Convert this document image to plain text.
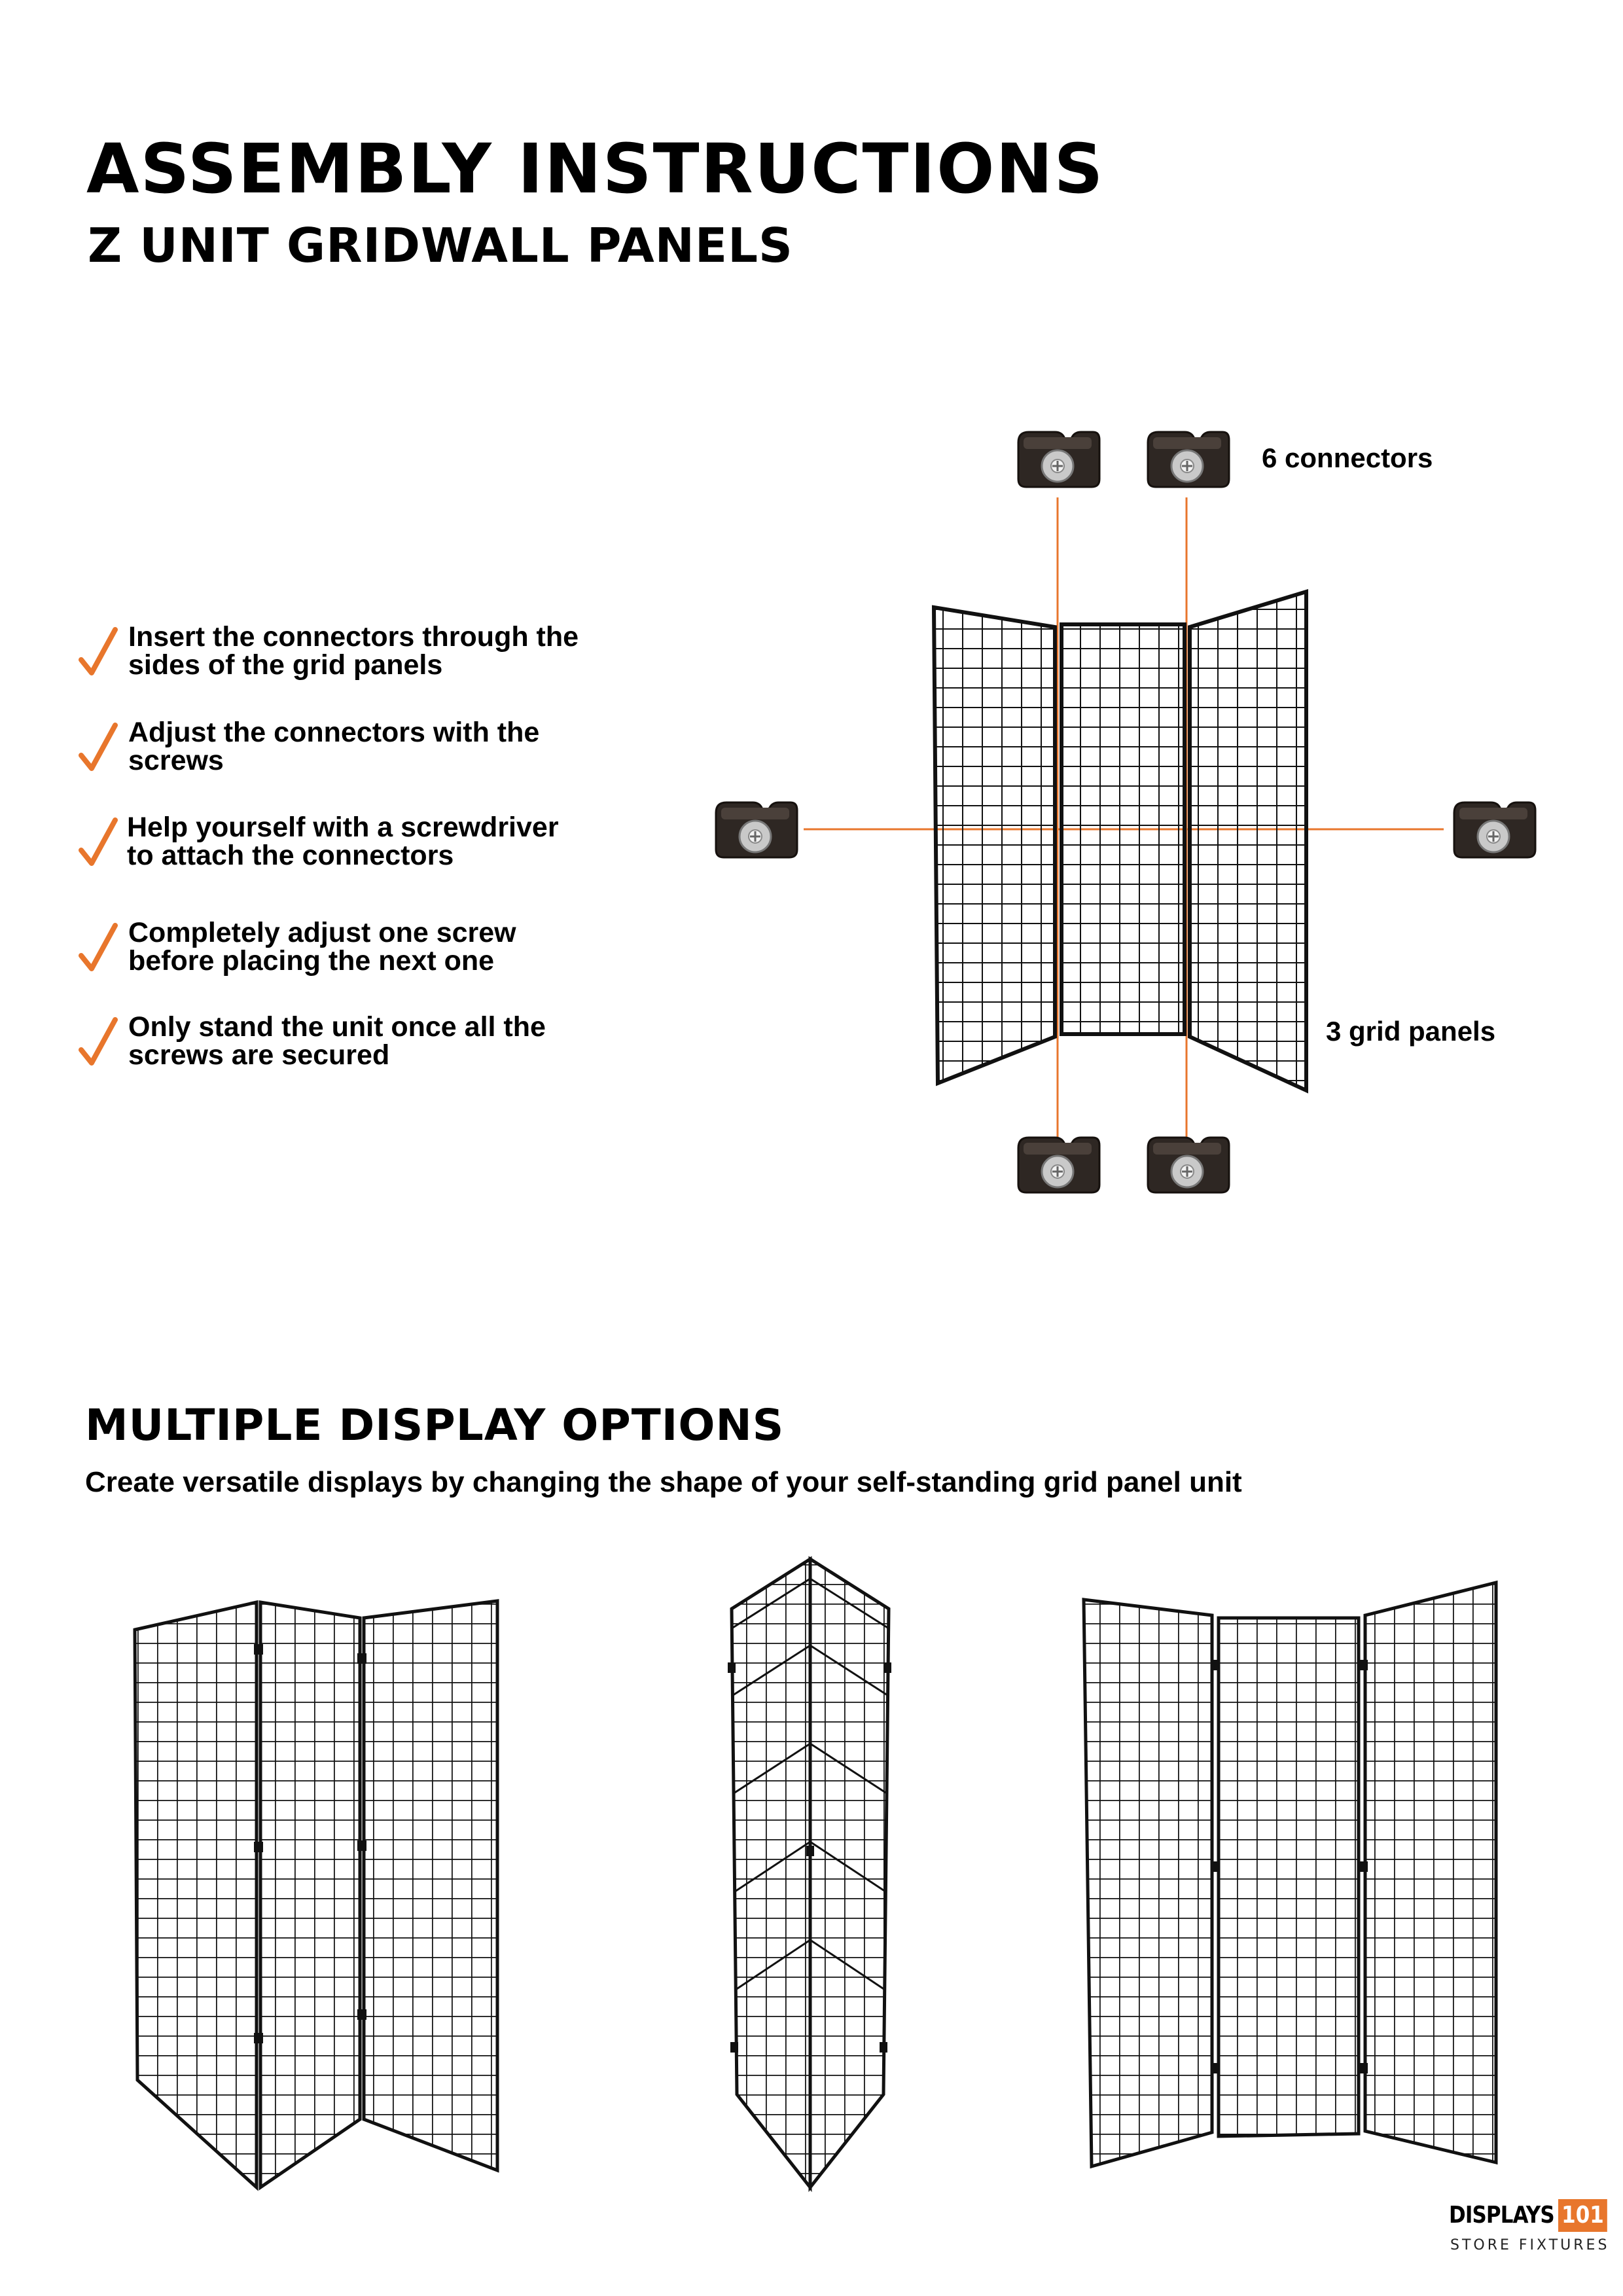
ASSEMBLY INSTRUCTIONS
Z UNIT GRIDWALL PANELS
Insert the connectors through the
sides of the grid panels
Adjust the connectors with the
screws
Help yourself with a screwdriver
to attach the connectors
Completely adjust one screw
before placing the next one
Only stand the unit once all the
screws are secured
6 connectors
3 grid panels
MULTIPLE DISPLAY OPTIONS
Create versatile displays by changing the shape of your self-standing grid panel unit
DISPLAYS 101
STORE FIXTURES
